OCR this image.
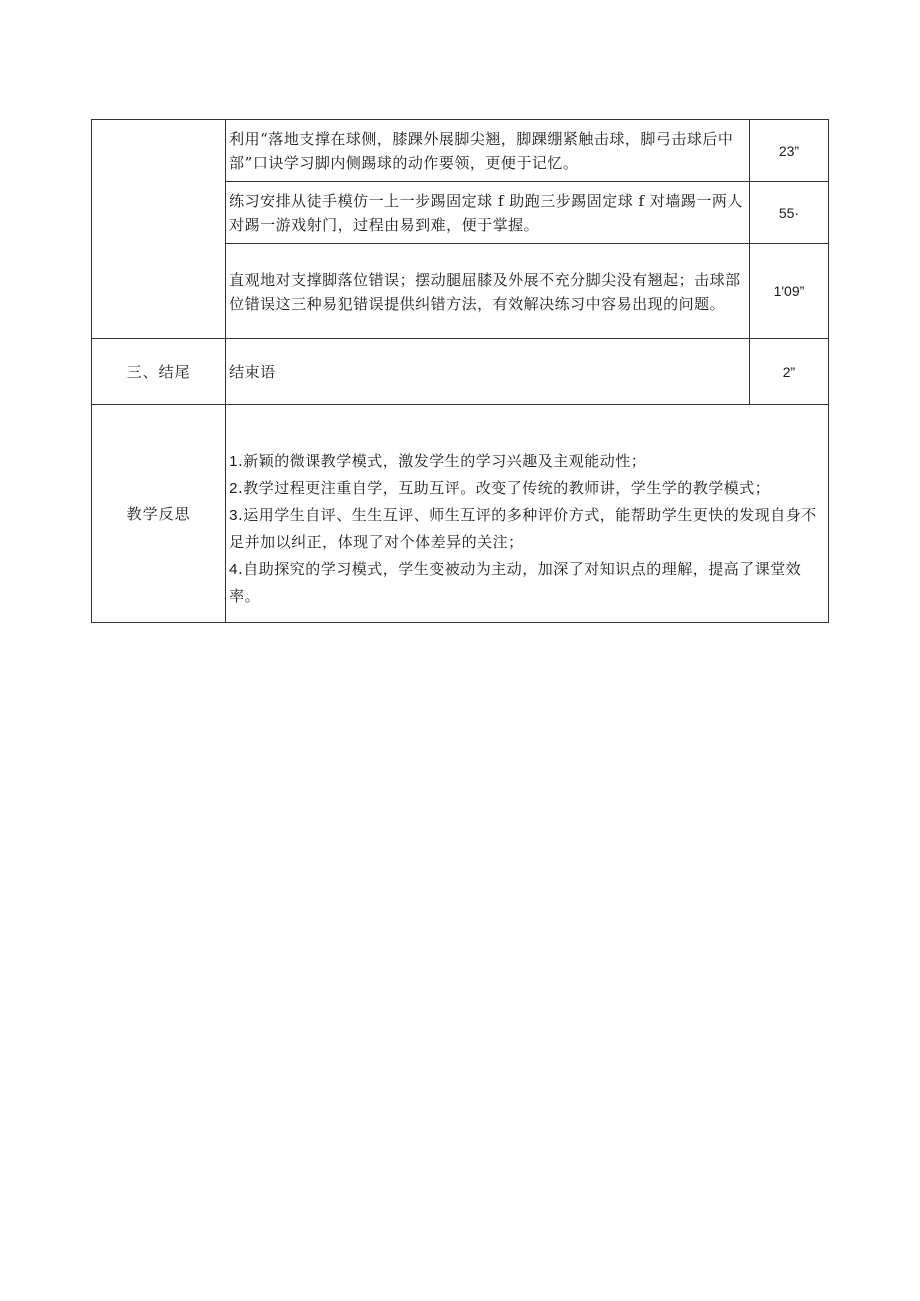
	利用“落地支撑在球侧，膝踝外展脚尖翘，脚踝绷紧触击球，脚弓击球后中部”口诀学习脚内侧踢球的动作要领，更便于记忆。	23”
	练习安排从徒手模仿一上一步踢固定球 f 助跑三步踢固定球 f 对墙踢一两人对踢一游戏射门，过程由易到难，便于掌握。	55·
	直观地对支撑脚落位错误；摆动腿屈膝及外展不充分脚尖没有翘起；击球部位错误这三种易犯错误提供纠错方法，有效解决练习中容易出现的问题。	1'09”
三、结尾	结束语	2”
教学反思	1.新颖的微课教学模式，激发学生的学习兴趣及主观能动性；
2.教学过程更注重自学，互助互评。改变了传统的教师讲，学生学的教学模式；
3.运用学生自评、生生互评、师生互评的多种评价方式，能帮助学生更快的发现自身不足并加以纠正，体现了对个体差异的关注；
4.自助探究的学习模式，学生变被动为主动，加深了对知识点的理解，提高了课堂效率。	
